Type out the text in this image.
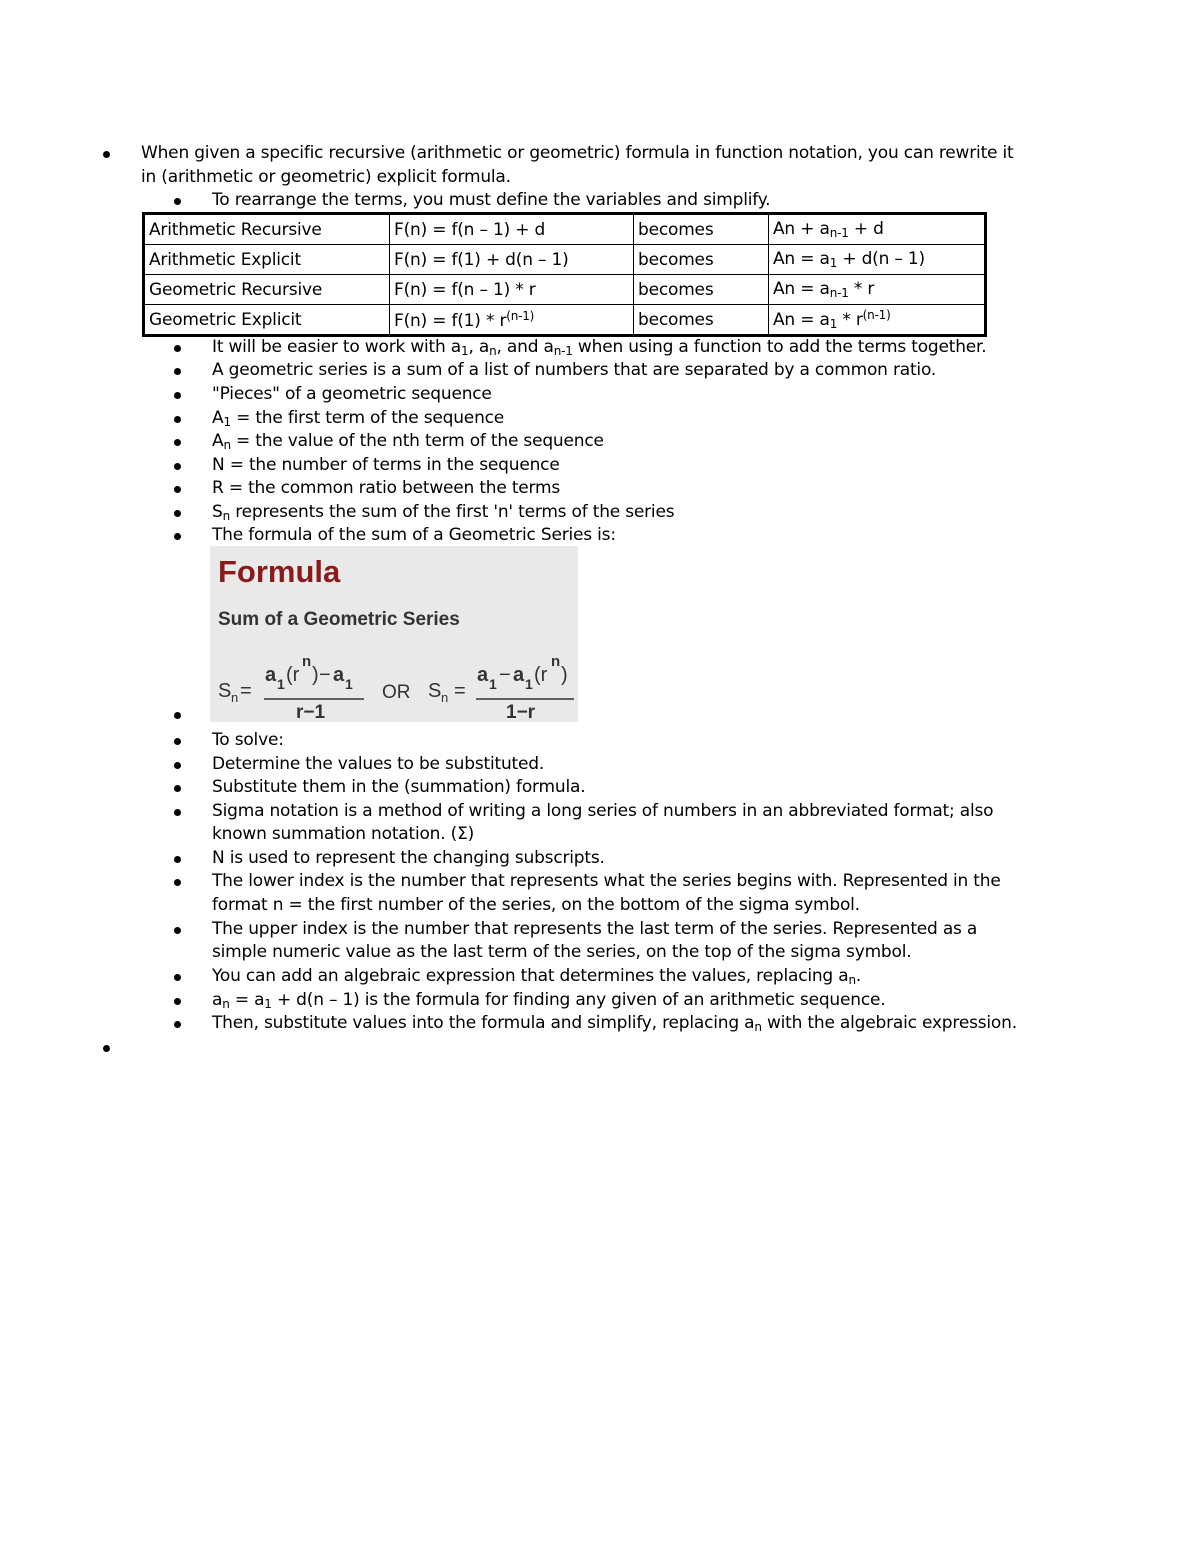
When given a specific recursive (arithmetic or geometric) formula in function notation, you can rewrite it
in (arithmetic or geometric) explicit formula.
To rearrange the terms, you must define the variables and simplify.
Arithmetic Recursive	F(n) = f(n – 1) + d	becomes	$An + a_{n-1} + d$
Arithmetic Explicit	F(n) = f(1) + d(n – 1)	becomes	$An = a_1 + d(n - 1)$
Geometric Recursive	F(n) = f(n – 1) * r	becomes	$An = a_{n-1} * r$
Geometric Explicit	$F(n) = f(1) * r^{(n-1)}$	becomes	$An = a_1 * r^{(n-1)}$
It will be easier to work with $a_1$, $a_n$, and $a_{n-1}$ when using a function to add the terms together.
A geometric series is a sum of a list of numbers that are separated by a common ratio.
"Pieces" of a geometric sequence
$A_1$ = the first term of the sequence
$A_n$ = the value of the nth term of the sequence
N = the number of terms in the sequence
R = the common ratio between the terms
$S_n$ represents the sum of the first 'n' terms of the series
The formula of the sum of a Geometric Series is:
Formula
Sum of a Geometric Series
S n =
a 1 (r
n
) − a 1
r−1
OR S n =
a 1 − a 1 (r
n
)
1−r
To solve:
Determine the values to be substituted.
Substitute them in the (summation) formula.
Sigma notation is a method of writing a long series of numbers in an abbreviated format; also
known summation notation. (Σ)
N is used to represent the changing subscripts.
The lower index is the number that represents what the series begins with. Represented in the
format n = the first number of the series, on the bottom of the sigma symbol.
The upper index is the number that represents the last term of the series. Represented as a
simple numeric value as the last term of the series, on the top of the sigma symbol.
You can add an algebraic expression that determines the values, replacing $a_n$.
$a_n = a_1 + d(n - 1)$ is the formula for finding any given of an arithmetic sequence.
Then, substitute values into the formula and simplify, replacing $a_n$ with the algebraic expression.
